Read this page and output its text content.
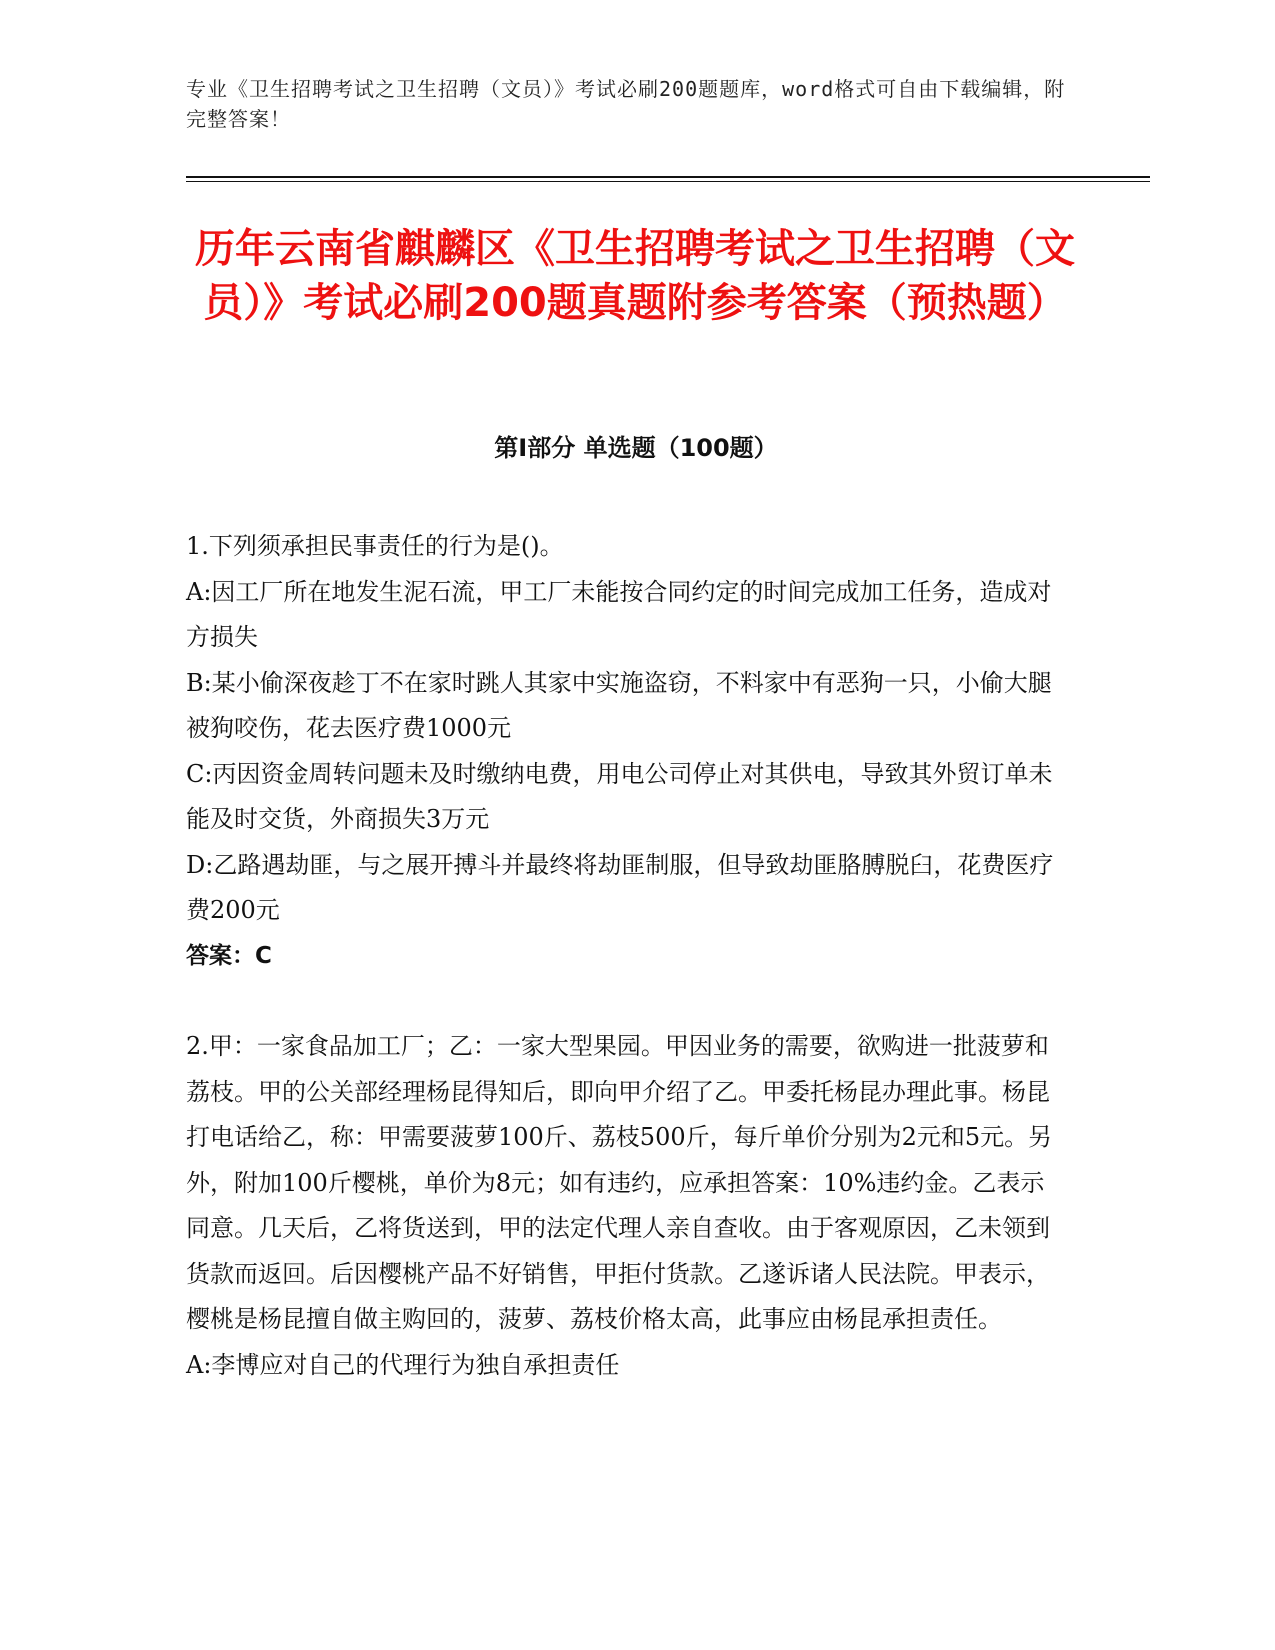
专业《卫生招聘考试之卫生招聘（文员）》考试必刷200题题库，word格式可自由下载编辑，附完整答案！
历年云南省麒麟区《卫生招聘考试之卫生招聘（文员）》考试必刷200题真题附参考答案（预热题）
第I部分 单选题（100题）
1.下列须承担民事责任的行为是()。
A:因工厂所在地发生泥石流，甲工厂未能按合同约定的时间完成加工任务，造成对方损失
B:某小偷深夜趁丁不在家时跳人其家中实施盗窃，不料家中有恶狗一只，小偷大腿被狗咬伤，花去医疗费1000元
C:丙因资金周转问题未及时缴纳电费，用电公司停止对其供电，导致其外贸订单未能及时交货，外商损失3万元
D:乙路遇劫匪，与之展开搏斗并最终将劫匪制服，但导致劫匪胳膊脱臼，花费医疗费200元
答案：C
2.甲：一家食品加工厂；乙：一家大型果园。甲因业务的需要，欲购进一批菠萝和荔枝。甲的公关部经理杨昆得知后，即向甲介绍了乙。甲委托杨昆办理此事。杨昆打电话给乙，称：甲需要菠萝100斤、荔枝500斤，每斤单价分别为2元和5元。另外，附加100斤樱桃，单价为8元；如有违约，应承担答案：10%违约金。乙表示同意。几天后，乙将货送到，甲的法定代理人亲自查收。由于客观原因，乙未领到货款而返回。后因樱桃产品不好销售，甲拒付货款。乙遂诉诸人民法院。甲表示，樱桃是杨昆擅自做主购回的，菠萝、荔枝价格太高，此事应由杨昆承担责任。
A:李博应对自己的代理行为独自承担责任
